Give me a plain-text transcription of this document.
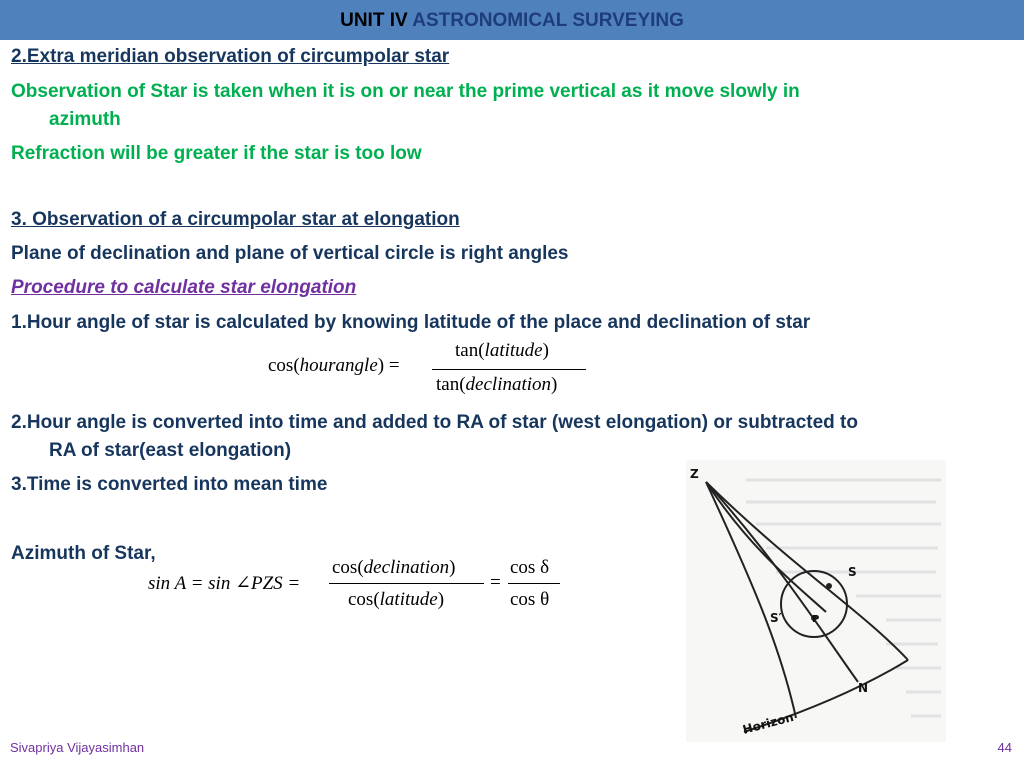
UNIT IV ASTRONOMICAL SURVEYING
2.Extra meridian observation of circumpolar star
Observation of Star is taken when it is on or near the prime vertical as it move slowly in
azimuth
Refraction will be greater if the star is too low
3. Observation of a circumpolar star at elongation
Plane of declination and plane of vertical circle is right angles
Procedure to calculate star elongation
1.Hour angle of star is calculated by knowing latitude of the place and declination of star
cos(hourangle) =
tan(latitude)
tan(declination)
2.Hour angle is converted into time and added to RA of star (west elongation) or subtracted to
RA of star(east elongation)
3.Time is converted into mean time
Azimuth of Star,
sin A = sin ∠PZS =
cos(declination)
cos(latitude)
=
cos δ
cos θ
Z
S
S′	P
N
Horizon
Sivapriya Vijayasimhan	44
